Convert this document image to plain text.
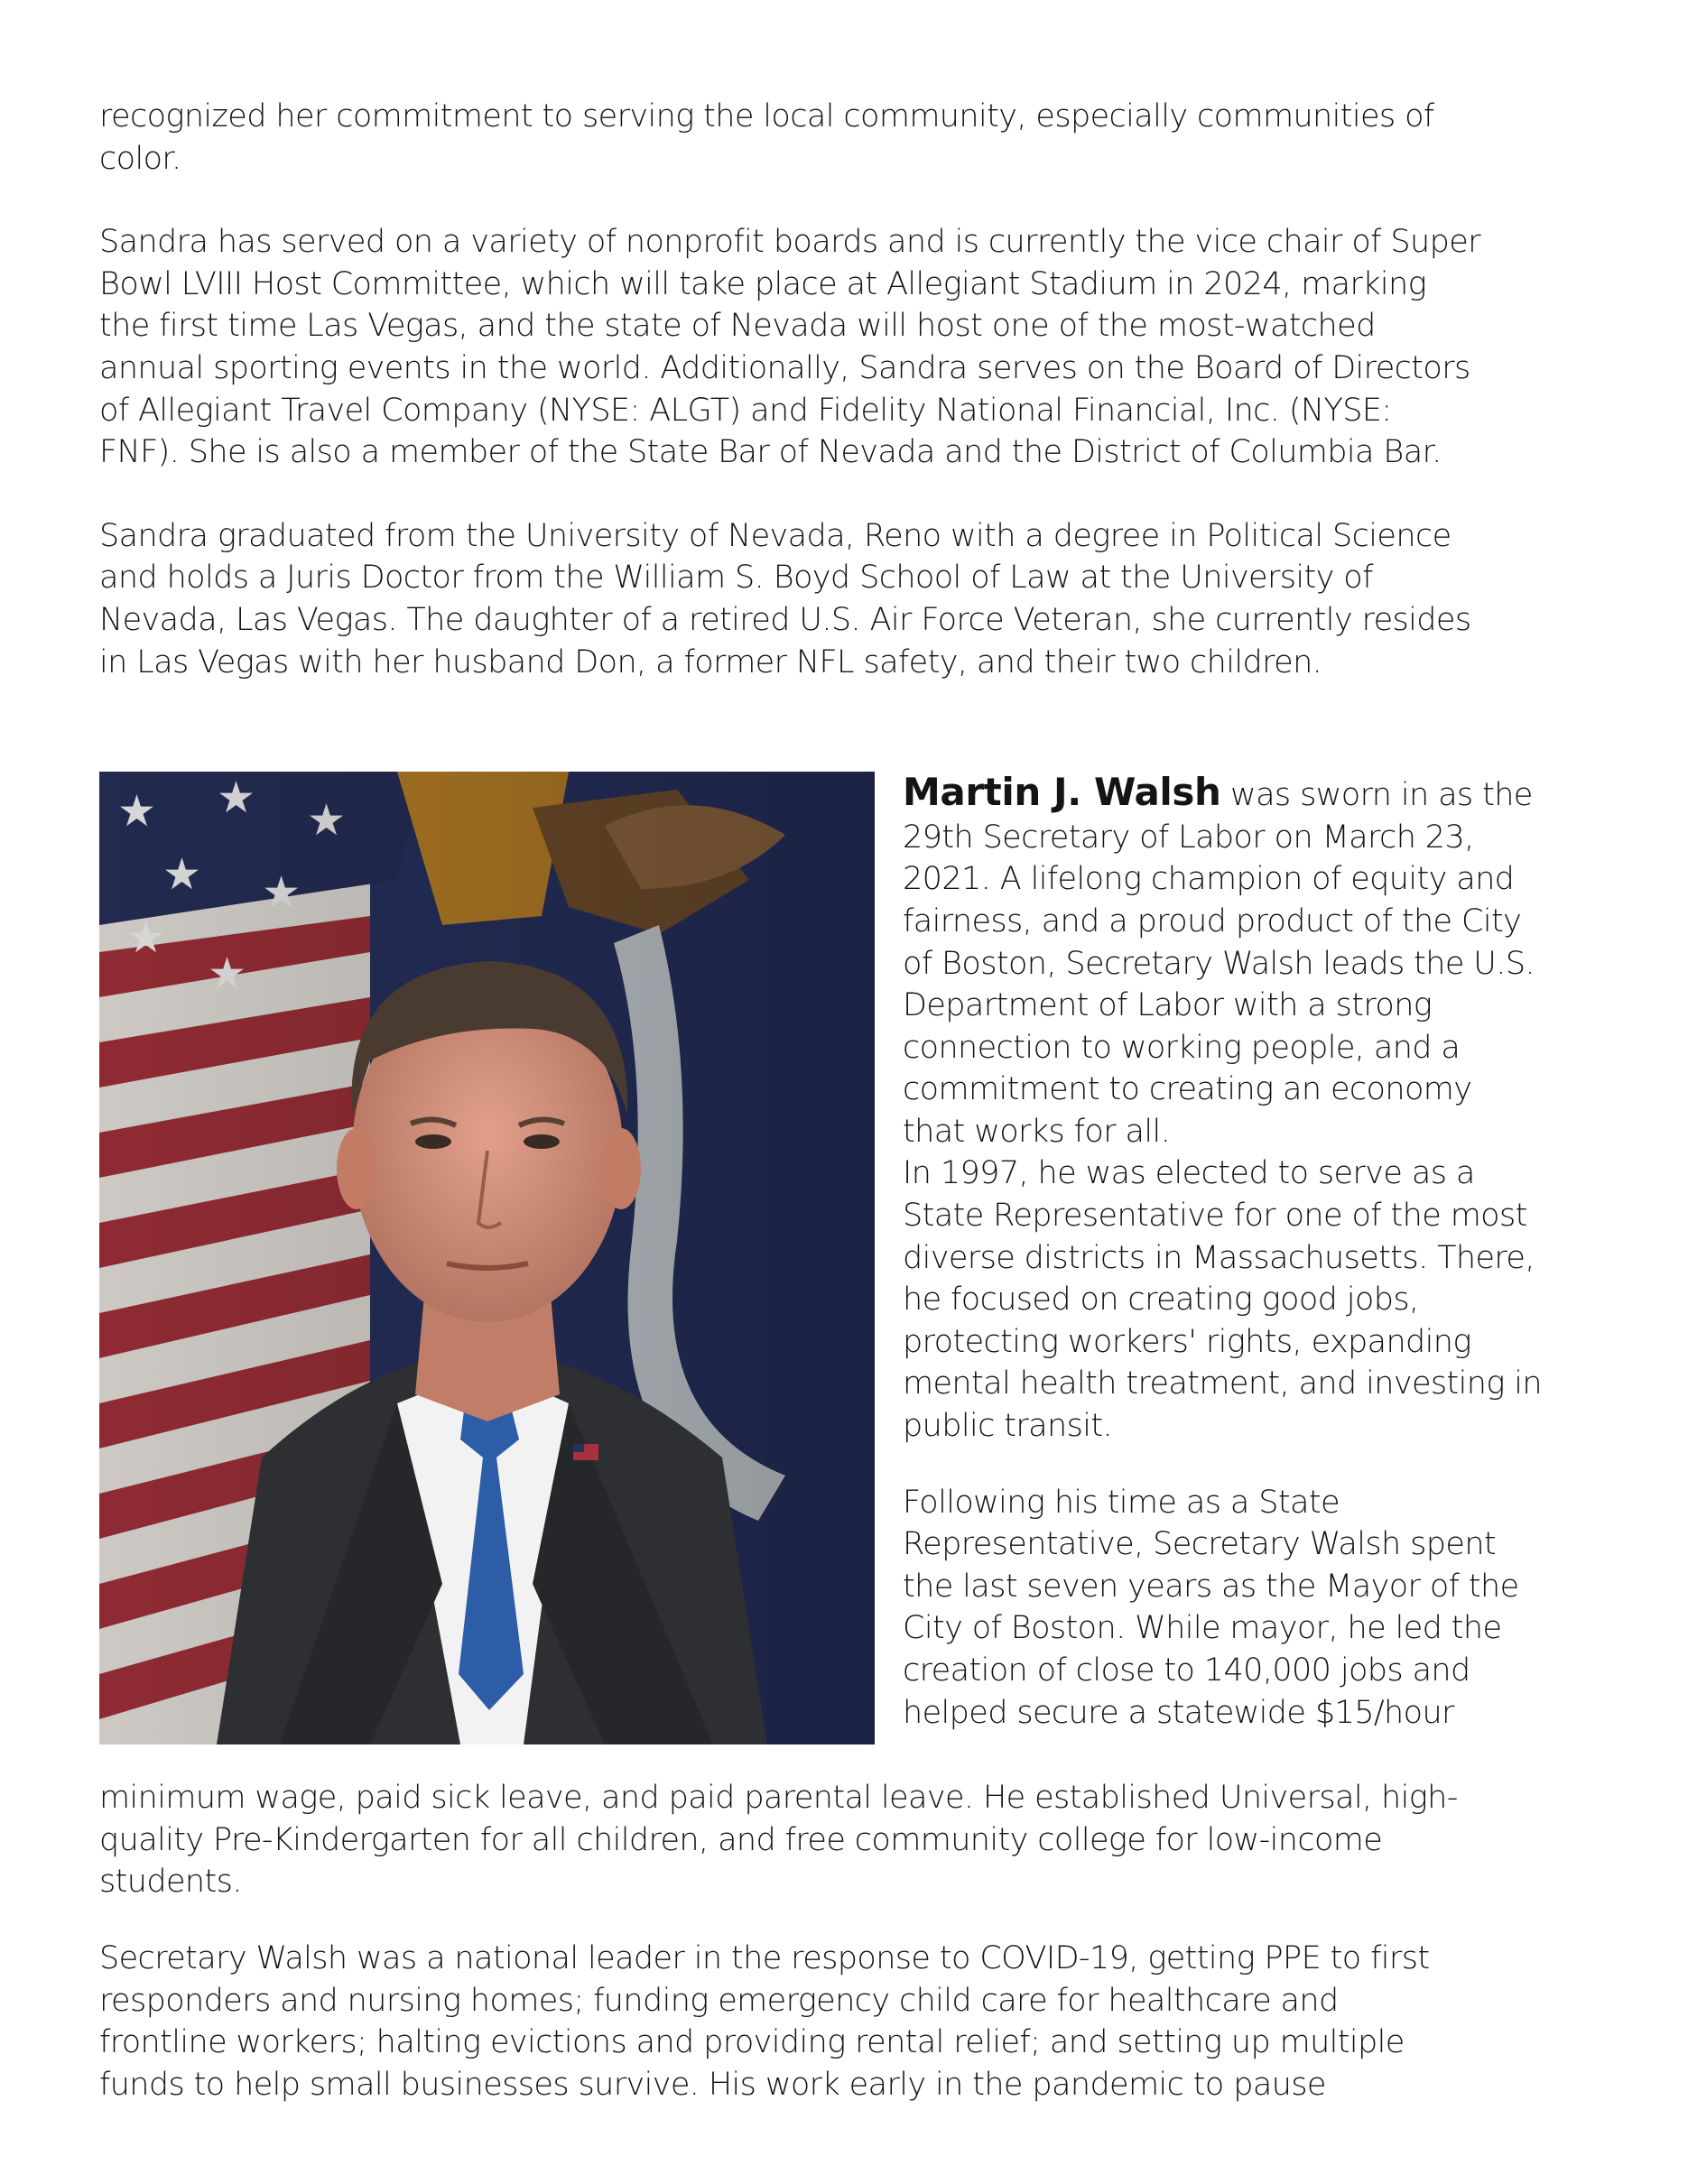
recognized her commitment to serving the local community, especially communities of
color.

Sandra has served on a variety of nonprofit boards and is currently the vice chair of Super
Bowl LVIII Host Committee, which will take place at Allegiant Stadium in 2024, marking
the first time Las Vegas, and the state of Nevada will host one of the most-watched
annual sporting events in the world. Additionally, Sandra serves on the Board of Directors
of Allegiant Travel Company (NYSE: ALGT) and Fidelity National Financial, Inc. (NYSE:
FNF). She is also a member of the State Bar of Nevada and the District of Columbia Bar.

Sandra graduated from the University of Nevada, Reno with a degree in Political Science
and holds a Juris Doctor from the William S. Boyd School of Law at the University of
Nevada, Las Vegas. The daughter of a retired U.S. Air Force Veteran, she currently resides
in Las Vegas with her husband Don, a former NFL safety, and their two children.

Martin J. Walsh was sworn in as the
29th Secretary of Labor on March 23,
2021. A lifelong champion of equity and
fairness, and a proud product of the City
of Boston, Secretary Walsh leads the U.S.
Department of Labor with a strong
connection to working people, and a
commitment to creating an economy
that works for all.
In 1997, he was elected to serve as a
State Representative for one of the most
diverse districts in Massachusetts. There,
he focused on creating good jobs,
protecting workers' rights, expanding
mental health treatment, and investing in
public transit.

Following his time as a State
Representative, Secretary Walsh spent
the last seven years as the Mayor of the
City of Boston. While mayor, he led the
creation of close to 140,000 jobs and
helped secure a statewide $15/hour

minimum wage, paid sick leave, and paid parental leave. He established Universal, high-
quality Pre-Kindergarten for all children, and free community college for low-income
students.

Secretary Walsh was a national leader in the response to COVID-19, getting PPE to first
responders and nursing homes; funding emergency child care for healthcare and
frontline workers; halting evictions and providing rental relief; and setting up multiple
funds to help small businesses survive. His work early in the pandemic to pause
